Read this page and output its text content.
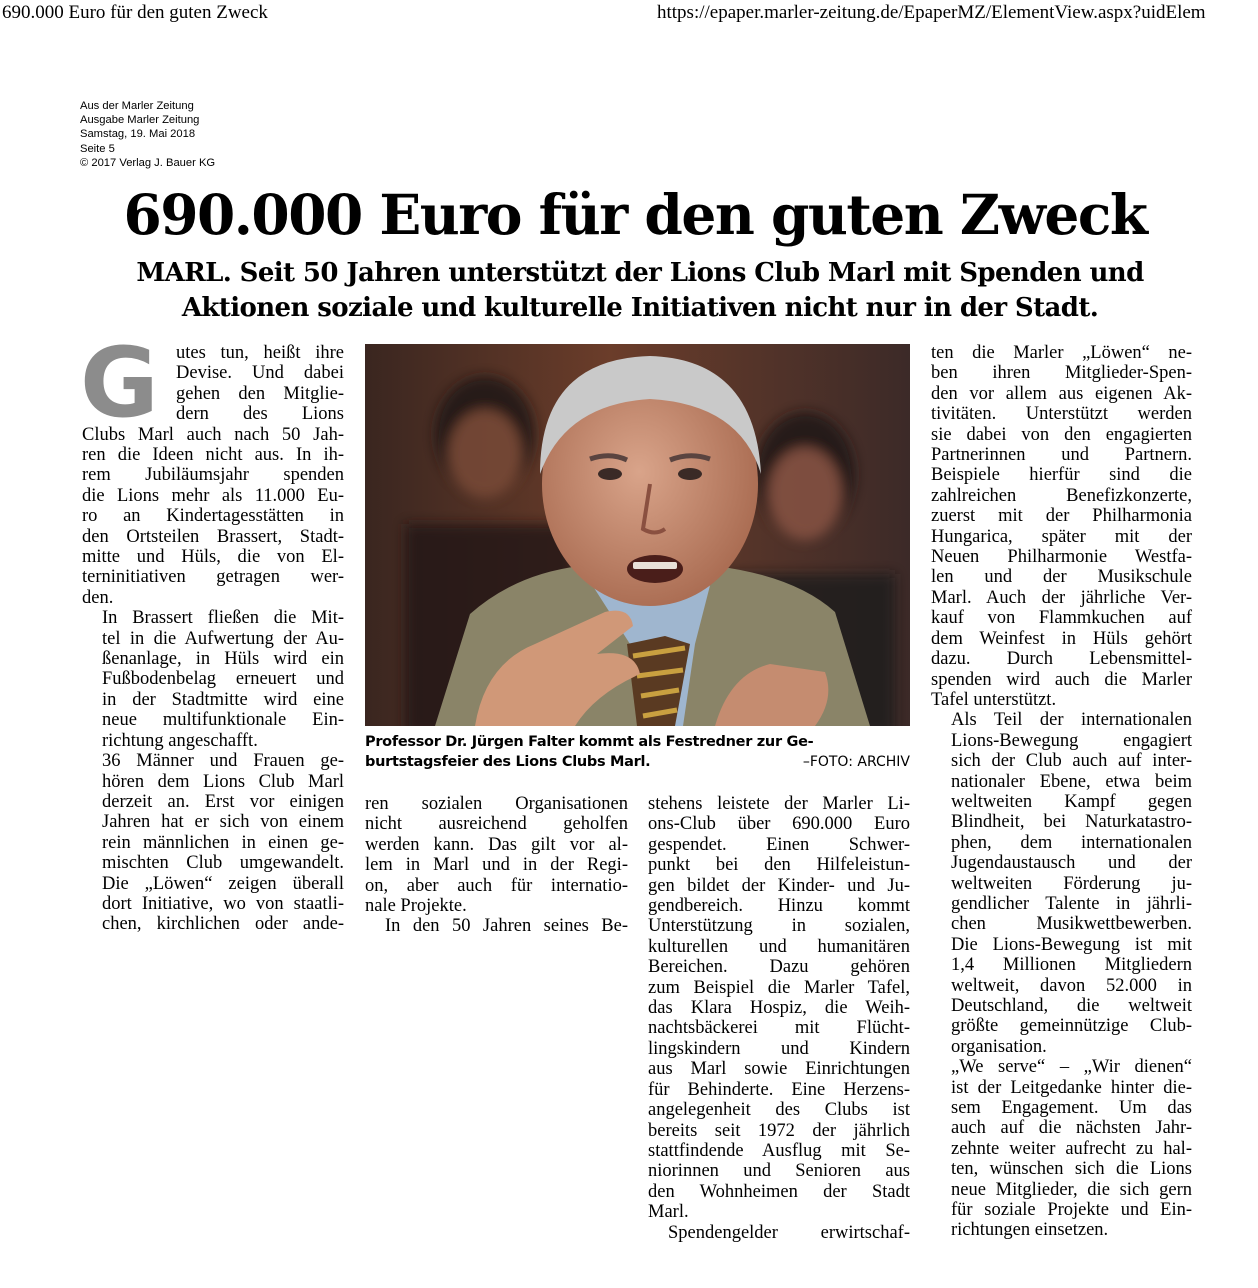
690.000 Euro für den guten Zweck	https://epaper.marler-zeitung.de/EpaperMZ/ElementView.aspx?uidElem
Aus der Marler Zeitung
Ausgabe Marler Zeitung
Samstag, 19. Mai 2018
Seite 5
© 2017 Verlag J. Bauer KG
690.000 Euro für den guten Zweck
MARL. Seit 50 Jahren unterstützt der Lions Club Marl mit Spenden und
Aktionen soziale und kulturelle Initiativen nicht nur in der Stadt.
G utes tun, heißt ihre
Devise. Und dabei
gehen den Mitglie-
dern des Lions

Clubs Marl auch nach 50 Jah-
ren die Ideen nicht aus. In ih-
rem Jubiläumsjahr spenden
die Lions mehr als 11.000 Eu-
ro an Kindertagesstätten in
den Ortsteilen Brassert, Stadt-
mitte und Hüls, die von El-
terninitiativen getragen wer-
den.

In Brassert fließen die Mit-
tel in die Aufwertung der Au-
ßenanlage, in Hüls wird ein
Fußbodenbelag erneuert und
in der Stadtmitte wird eine
neue multifunktionale Ein-
richtung angeschafft.

36 Männer und Frauen ge-
hören dem Lions Club Marl
derzeit an. Erst vor einigen
Jahren hat er sich von einem
rein männlichen in einen ge-
mischten Club umgewandelt.
Die „Löwen“ zeigen überall
dort Initiative, wo von staatli-
chen, kirchlichen oder ande-

Professor Dr. Jürgen Falter kommt als Festredner zur Ge-
burtstagsfeier des Lions Clubs Marl.	–FOTO: ARCHIV

ren sozialen Organisationen
nicht ausreichend geholfen
werden kann. Das gilt vor al-
lem in Marl und in der Regi-
on, aber auch für internatio-
nale Projekte.

In den 50 Jahren seines Be-

stehens leistete der Marler Li-
ons-Club über 690.000 Euro
gespendet. Einen Schwer-
punkt bei den Hilfeleistun-
gen bildet der Kinder- und Ju-
gendbereich. Hinzu kommt
Unterstützung in sozialen,
kulturellen und humanitären
Bereichen. Dazu gehören
zum Beispiel die Marler Tafel,
das Klara Hospiz, die Weih-
nachtsbäckerei mit Flücht-
lingskindern und Kindern
aus Marl sowie Einrichtungen
für Behinderte. Eine Herzens-
angelegenheit des Clubs ist
bereits seit 1972 der jährlich
stattfindende Ausflug mit Se-
niorinnen und Senioren aus
den Wohnheimen der Stadt
Marl.

Spendengelder erwirtschaf-

ten die Marler „Löwen“ ne-
ben ihren Mitglieder-Spen-
den vor allem aus eigenen Ak-
tivitäten. Unterstützt werden
sie dabei von den engagierten
Partnerinnen und Partnern.
Beispiele hierfür sind die
zahlreichen Benefizkonzerte,
zuerst mit der Philharmonia
Hungarica, später mit der
Neuen Philharmonie Westfa-
len und der Musikschule
Marl. Auch der jährliche Ver-
kauf von Flammkuchen auf
dem Weinfest in Hüls gehört
dazu. Durch Lebensmittel-
spenden wird auch die Marler
Tafel unterstützt.

Als Teil der internationalen
Lions-Bewegung engagiert
sich der Club auch auf inter-
nationaler Ebene, etwa beim
weltweiten Kampf gegen
Blindheit, bei Naturkatastro-
phen, dem internationalen
Jugendaustausch und der
weltweiten Förderung ju-
gendlicher Talente in jährli-
chen Musikwettbewerben.
Die Lions-Bewegung ist mit
1,4 Millionen Mitgliedern
weltweit, davon 52.000 in
Deutschland, die weltweit
größte gemeinnützige Club-
organisation.

„We serve“ – „Wir dienen“
ist der Leitgedanke hinter die-
sem Engagement. Um das
auch auf die nächsten Jahr-
zehnte weiter aufrecht zu hal-
ten, wünschen sich die Lions
neue Mitglieder, die sich gern
für soziale Projekte und Ein-
richtungen einsetzen.
